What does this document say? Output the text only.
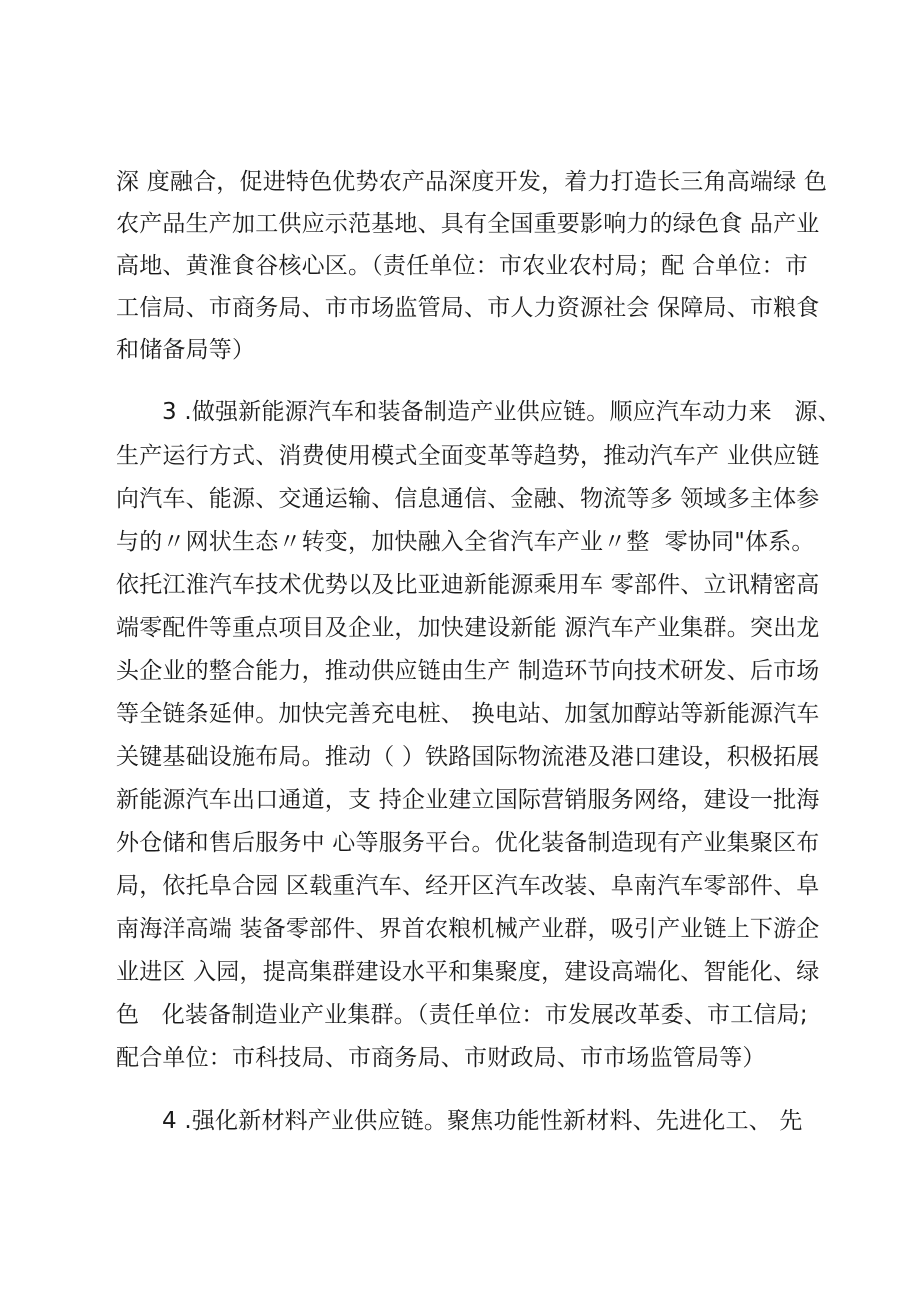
深 度融合，促进特色优势农产品深度开发，着力打造长三角高端绿 色
农产品生产加工供应示范基地、具有全国重要影响力的绿色食 品产业
高地、黄淮食谷核心区。（责任单位：市农业农村局；配 合单位：市
工信局、市商务局、市市场监管局、市人力资源社会 保障局、市粮食
和储备局等）
3 .做强新能源汽车和装备制造产业供应链。顺应汽车动力来   源、
生产运行方式、消费使用模式全面变革等趋势，推动汽车产 业供应链
向汽车、能源、交通运输、信息通信、金融、物流等多 领域多主体参
与的〃网状生态〃转变，加快融入全省汽车产业〃整  零协同"体系。
依托江淮汽车技术优势以及比亚迪新能源乘用车 零部件、立讯精密高
端零配件等重点项目及企业，加快建设新能 源汽车产业集群。突出龙
头企业的整合能力，推动供应链由生产 制造环节向技术研发、后市场
等全链条延伸。加快完善充电桩、 换电站、加氢加醇站等新能源汽车
关键基础设施布局。推动（ ）铁路国际物流港及港口建设，积极拓展
新能源汽车出口通道，支 持企业建立国际营销服务网络，建设一批海
外仓储和售后服务中 心等服务平台。优化装备制造现有产业集聚区布
局，依托阜合园 区载重汽车、经开区汽车改装、阜南汽车零部件、阜
南海洋高端 装备零部件、界首农粮机械产业群，吸引产业链上下游企
业进区 入园，提高集群建设水平和集聚度，建设高端化、智能化、绿
色   化装备制造业产业集群。（责任单位：市发展改革委、市工信局;
配合单位：市科技局、市商务局、市财政局、市市场监管局等）
4 .强化新材料产业供应链。聚焦功能性新材料、先进化工、 先
